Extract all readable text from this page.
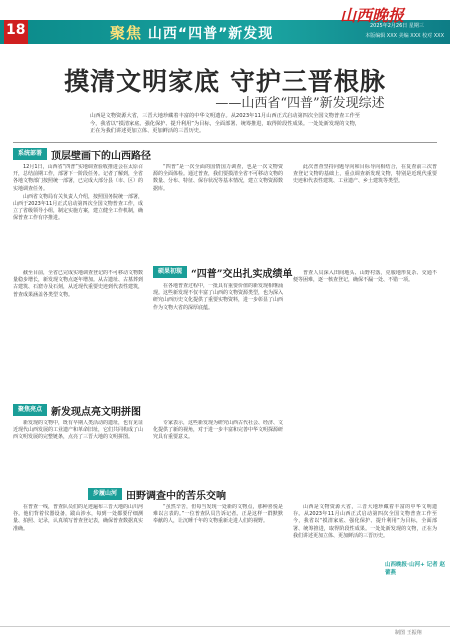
18	聚焦 山西“四普”新发现
山西晚报
2025年2月26日 星期三
本版编辑 XXX 美编 XXX 校对 XXX
摸清文明家底 守护三晋根脉
——山西省“四普”新发现综述
山西是文物资源大省，三晋大地珍藏着丰富的中华文明遗存。从2023年11月山西正式启动第四次全国文物普查工作至今，我省以“摸清家底、强化保护、提升利用”为目标，全面部署、统筹推进，取得阶段性成果。一处处新发现的文物，正在为我们讲述更加立体、更加鲜活的三晋历史。
系统部署 顶层壁画下的山西路径

12月1日，山西省“四普”实地调查验收推进会在太原召开，总结前期工作，部署下一阶段任务。记者了解到，全省各地文物部门按照统一部署，已完成大部分县（市、区）的实地调查任务。

山西省文物局有关负责人介绍，按照国务院统一部署，山西于2023年11月正式启动第四次全国文物普查工作，成立了省级领导小组，制定实施方案，建立健全工作机制，确保普查工作有序推进。

“四普”是一次全面的国情国力调查，也是一次文物资源的全面体检。通过普查，我们要摸清全省不可移动文物的数量、分布、特征、保存状况等基本情况，建立文物资源数据库。

此次普查坚持问题导向和目标导向相结合，在复查前三次普查登记文物的基础上，重点调查新发现文物，特别是近现代重要史迹和代表性建筑、工业遗产、乡土建筑等类型。

硕果初现 “四普”交出扎实成绩单

截至目前，全省已完成实地调查登记的不可移动文物数量稳步增长，新发现文物点逐年增加。从古遗址、古墓葬到古建筑、石窟寺及石刻，从近现代重要史迹到代表性建筑，普查成果涵盖各类型文物。

在各地普查过程中，一批具有重要价值的新发现相继涌现。这些新发现不仅丰富了山西的文物资源类型，也为深入研究山西历史文化提供了重要实物资料，进一步彰显了山西作为文物大省的深厚底蕴。

普查人员深入田间地头、山野村落，克服地形复杂、交通不便等困难，逐一核查登记，确保不漏一处、不错一项。

聚焦亮点 新发现点亮文明拼图

新发现的文物中，既有早期人类活动的遗址，也有见证近现代山西发展的工业遗产和革命旧址，它们共同构成了山西文明发展的完整链条，点亮了三晋大地的文明拼图。

专家表示，这些新发现为研究山西古代社会、经济、文化提供了新的视角，对于进一步丰富和完善中华文明探源研究具有重要意义。

步履山河 田野调查中的苦乐交响

在普查一线，普查队员们的足迹遍布三晋大地的山川河谷。他们背着仪器设备，跋山涉水，每到一处都要仔细测量、拍照、记录，认真填写普查登记表，确保普查数据真实准确。

“虽然辛苦，但每当发现一处新的文物点，那种喜悦是难以言表的。”一位普查队员告诉记者。正是这样一群默默奉献的人，让沉睡千年的文物重新走进人们的视野。

山西是文物资源大省，三晋大地珍藏着丰富的中华文明遗存。从2023年11月山西正式启动第四次全国文物普查工作至今，我省以“摸清家底、强化保护、提升利用”为目标，全面部署、统筹推进，取得阶段性成果。一处处新发现的文物，正在为我们讲述更加立体、更加鲜活的三晋历史。

山西晚报·山河+ 记者 赵蕾燕
制图 王振翔
